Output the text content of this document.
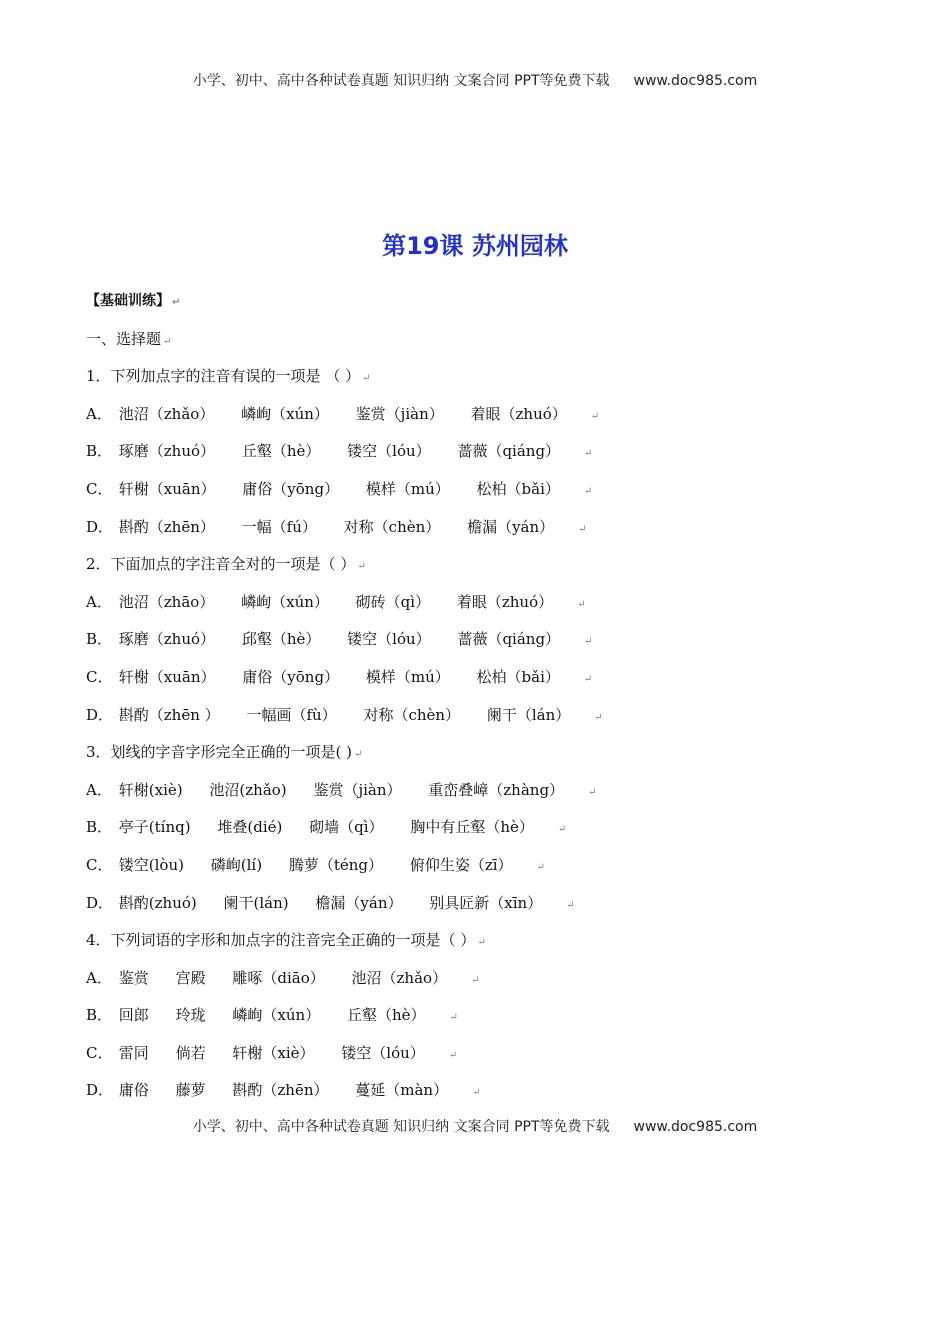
小学、初中、高中各种试卷真题 知识归纳 文案合同 PPT等免费下载 www.doc985.com
第19课 苏州园林
【基础训练】 ↵
一、选择题 ↵
1．下列加点字的注音有误的一项是 （ ） ↵
A． 池沼（zhǎo） 嶙峋（xún） 鉴赏（jiàn） 着眼（zhuó） ↵
B． 琢磨（zhuó） 丘壑（hè） 镂空（lóu） 蔷薇（qiáng） ↵
C． 轩榭（xuān） 庸俗（yōng） 模样（mú） 松柏（bǎi） ↵
D． 斟酌（zhēn） 一幅（fú） 对称（chèn） 檐漏（yán） ↵
2．下面加点的字注音全对的一项是（ ） ↵
A． 池沼（zhāo） 嶙峋（xún） 砌砖（qì） 着眼（zhuó） ↵
B． 琢磨（zhuó） 邱壑（hè） 镂空（lóu） 蔷薇（qiáng） ↵
C． 轩榭（xuān） 庸俗（yōng） 模样（mú） 松柏（bǎi） ↵
D． 斟酌（zhēn ） 一幅画（fù） 对称（chèn） 阑干（lán） ↵
3．划线的字音字形完全正确的一项是( ) ↵
A． 轩榭(xiè) 池沼(zhǎo) 鉴赏（jiàn） 重峦叠嶂（zhàng） ↵
B． 亭子(tínq) 堆叠(dié) 砌墙（qì） 胸中有丘壑（hè） ↵
C． 镂空(lòu) 磷峋(lí) 腾萝（téng） 俯仰生姿（zī） ↵
D． 斟酌(zhuó) 阑干(lán) 檐漏（yán） 别具匠新（xīn） ↵
4．下列词语的字形和加点字的注音完全正确的一项是（ ） ↵
A． 鉴赏 宫殿 雕啄（diāo） 池沼（zhǎo） ↵
B． 回郎 玲珑 嶙峋（xún） 丘壑（hè） ↵
C． 雷同 倘若 轩榭（xiè） 镂空（lóu） ↵
D． 庸俗 藤萝 斟酌（zhēn） 蔓延（màn） ↵
小学、初中、高中各种试卷真题 知识归纳 文案合同 PPT等免费下载 www.doc985.com
